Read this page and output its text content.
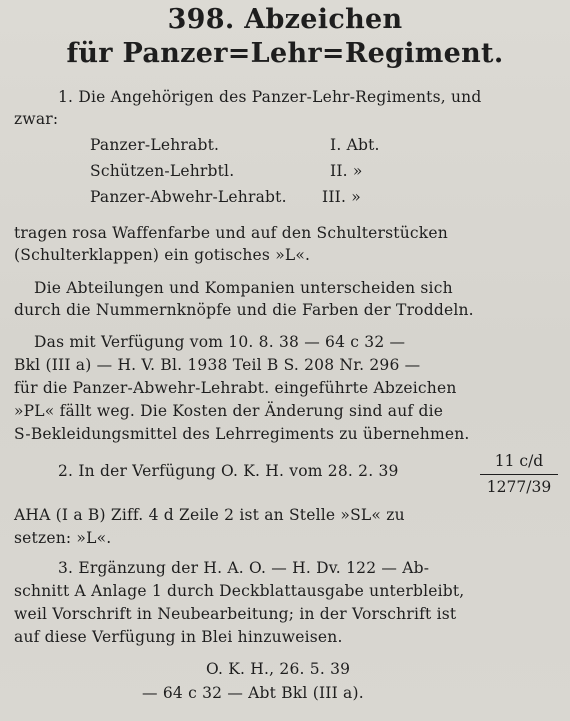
398. Abzeichen
für Panzer=Lehr=Regiment.
1. Die Angehörigen des Panzer-Lehr-Regiments, und
zwar:
Panzer-Lehrabt.	I. Abt.
Schützen-Lehrbtl.	II. »
Panzer-Abwehr-Lehrabt. III. »
tragen rosa Waffenfarbe und auf den Schulterstücken
(Schulterklappen) ein gotisches »L«.
Die Abteilungen und Kompanien unterscheiden sich
durch die Nummernknöpfe und die Farben der Troddeln.
Das mit Verfügung vom 10. 8. 38 — 64 c 32 —
Bkl (III a) — H. V. Bl. 1938 Teil B S. 208 Nr. 296 —
für die Panzer-Abwehr-Lehrabt. eingeführte Abzeichen
»PL« fällt weg. Die Kosten der Änderung sind auf die
S-Bekleidungsmittel des Lehrregiments zu übernehmen.
2. In der Verfügung O. K. H. vom 28. 2. 39
11 c/d
1277/39
AHA (I a B) Ziff. 4 d Zeile 2 ist an Stelle »SL« zu
setzen: »L«.
3. Ergänzung der H. A. O. — H. Dv. 122 — Ab-
schnitt A Anlage 1 durch Deckblattausgabe unterbleibt,
weil Vorschrift in Neubearbeitung; in der Vorschrift ist
auf diese Verfügung in Blei hinzuweisen.
O. K. H., 26. 5. 39
— 64 c 32 — Abt Bkl (III a).
